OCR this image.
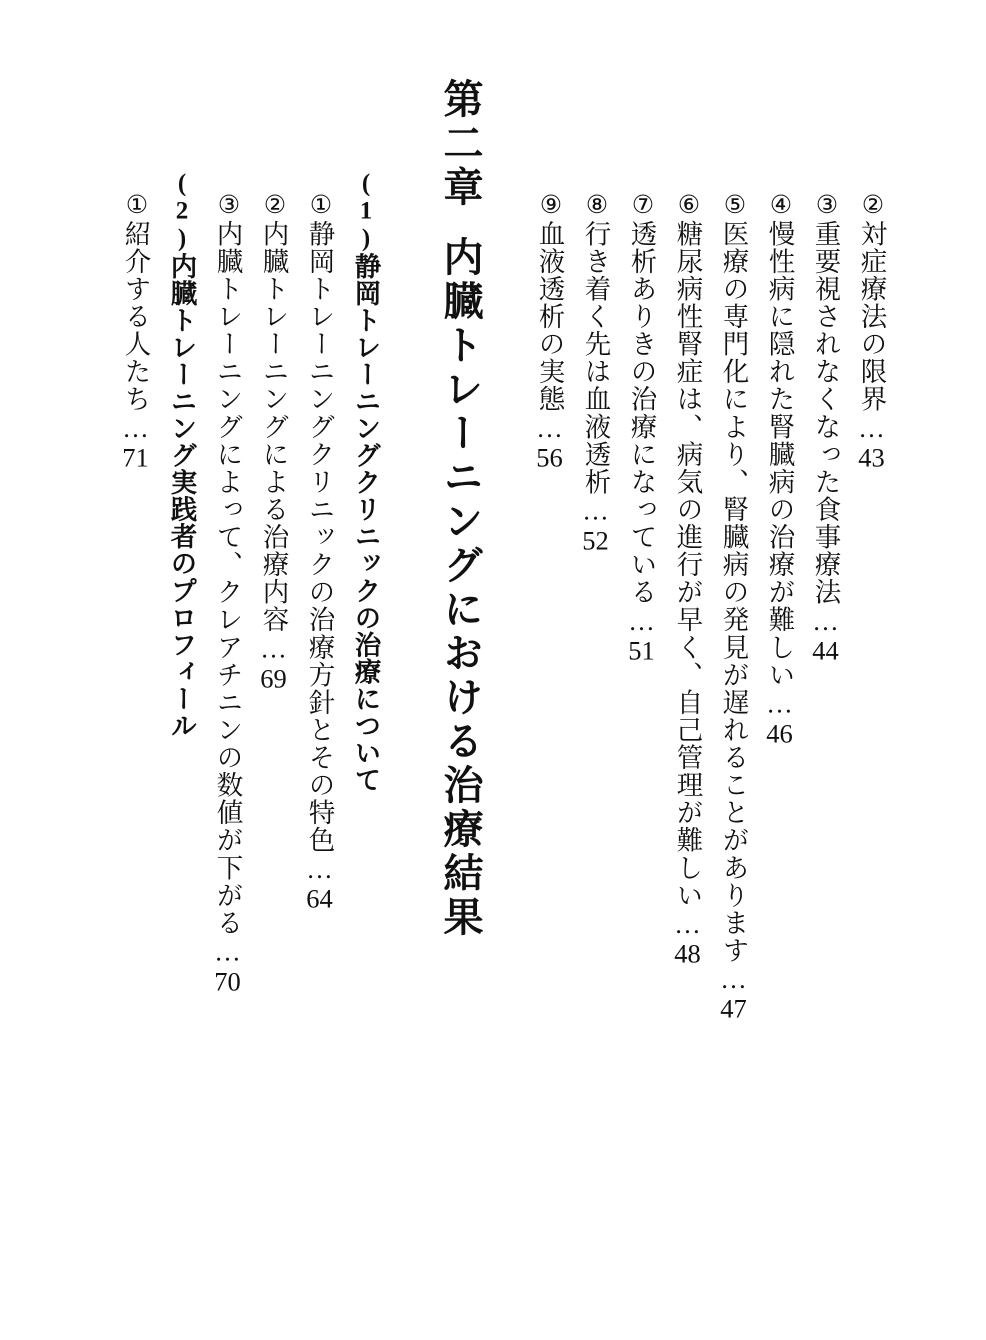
第二章内臓トレーニングにおける治療結果
②対症療法の限界…43
③重要視されなくなった食事療法…44
④慢性病に隠れた腎臓病の治療が難しい…46
⑤医療の専門化により、腎臓病の発見が遅れることがあります…47
⑥糖尿病性腎症は、病気の進行が早く、自己管理が難しい…48
⑦透析ありきの治療になっている…51
⑧行き着く先は血液透析…52
⑨血液透析の実態…56
(1)静岡トレーニングクリニックの治療について
①静岡トレーニングクリニックの治療方針とその特色…64
②内臓トレーニングによる治療内容…69
③内臓トレーニングによって、クレアチニンの数値が下がる…70
(2)内臓トレーニング実践者のプロフィール
①紹介する人たち…71
